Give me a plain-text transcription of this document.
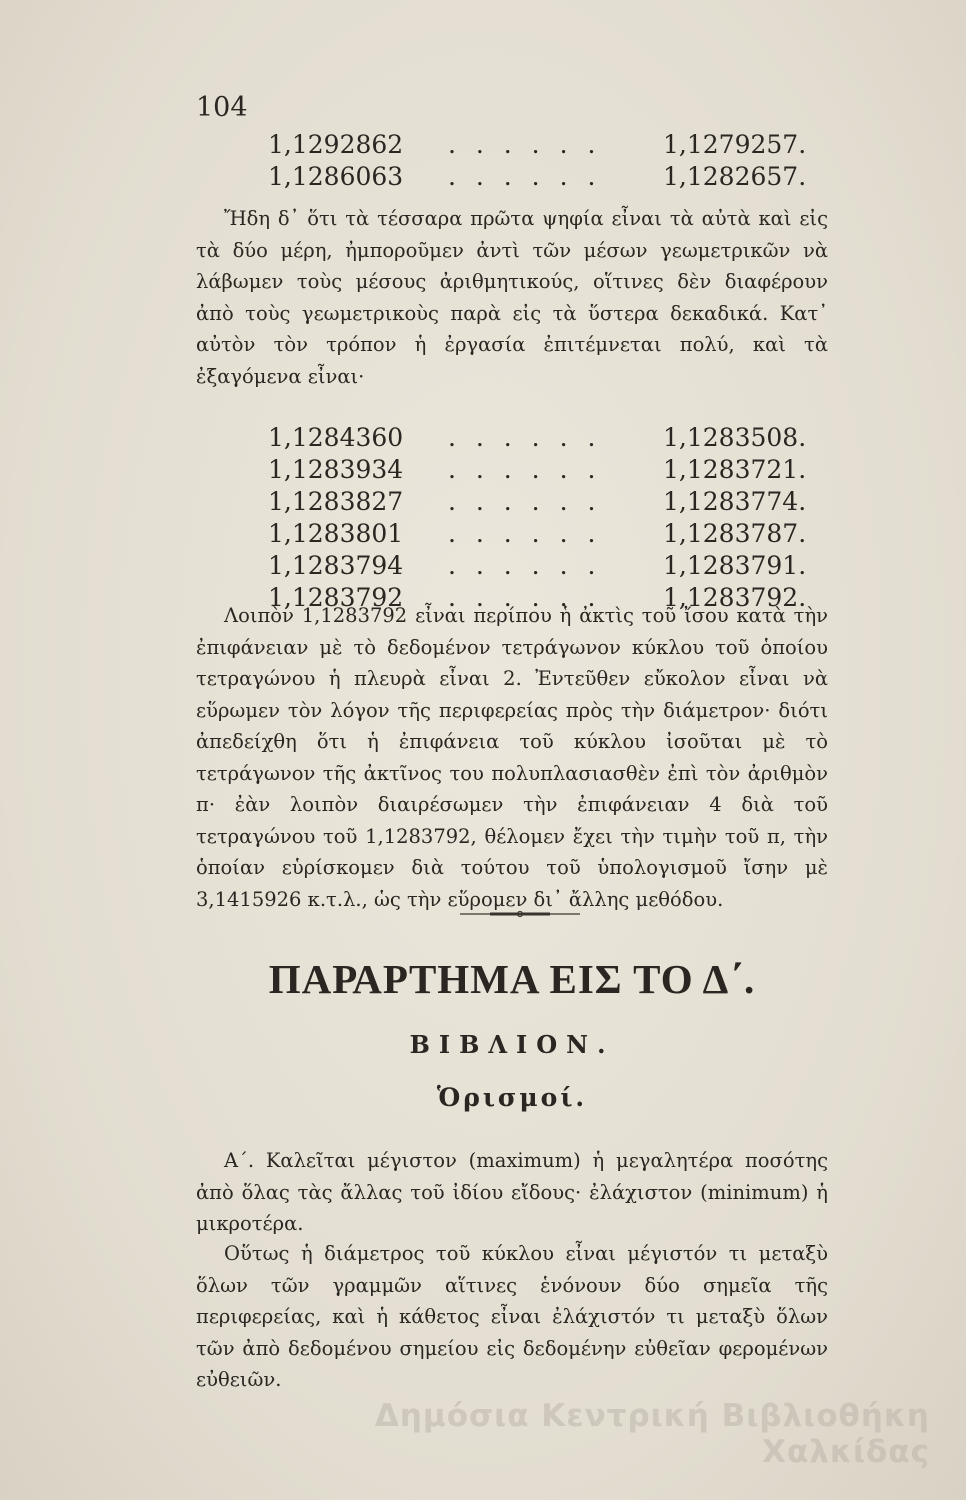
104
1,1292862 . . . . . . 1,1279257.
1,1286063 . . . . . . 1,1282657.

Ἤδη δ᾽ ὅτι τὰ τέσσαρα πρῶτα ψηφία εἶναι τὰ αὐτὰ καὶ εἰς τὰ δύο μέρη, ἠμποροῦμεν ἀντὶ τῶν μέσων γεωμετρικῶν νὰ λάβωμεν τοὺς μέσους ἀριθμητικούς, οἵτινες δὲν διαφέρουν ἀπὸ τοὺς γεωμετρικοὺς παρὰ εἰς τὰ ὕστερα δεκαδικά. Κατ᾽ αὐτὸν τὸν τρόπον ἡ ἐργασία ἐπιτέμνεται πολύ, καὶ τὰ ἐξαγόμενα εἶναι·

1,1284360 . . . . . . 1,1283508.
1,1283934 . . . . . . 1,1283721.
1,1283827 . . . . . . 1,1283774.
1,1283801 . . . . . . 1,1283787.
1,1283794 . . . . . . 1,1283791.
1,1283792 . . . . . . 1,1283792.

Λοιπὸν 1,1283792 εἶναι περίπου ἡ ἀκτὶς τοῦ ἴσου κατὰ τὴν ἐπιφάνειαν μὲ τὸ δεδομένον τετράγωνον κύκλου τοῦ ὁποίου τετραγώνου ἡ πλευρὰ εἶναι 2. Ἐντεῦθεν εὔκολον εἶναι νὰ εὕρωμεν τὸν λόγον τῆς περιφερείας πρὸς τὴν διάμετρον· διότι ἀπεδείχθη ὅτι ἡ ἐπιφάνεια τοῦ κύκλου ἰσοῦται μὲ τὸ τετράγωνον τῆς ἀκτῖνος του πολυπλασιασθὲν ἐπὶ τὸν ἀριθμὸν π· ἐὰν λοιπὸν διαιρέσωμεν τὴν ἐπιφάνειαν 4 διὰ τοῦ τετραγώνου τοῦ 1,1283792, θέλομεν ἔχει τὴν τιμὴν τοῦ π, τὴν ὁποίαν εὑρίσκομεν διὰ τούτου τοῦ ὑπολογισμοῦ ἴσην μὲ 3,1415926 κ.τ.λ., ὡς τὴν εὕρομεν δι᾽ ἄλλης μεθόδου.

ΠΑΡΑΡΤΗΜΑ ΕΙΣ ΤΟ Δ΄.
ΒΙΒΛΙΟΝ.
Ὁρισμοί.

Α΄. Καλεῖται μέγιστον (maximum) ἡ μεγαλητέρα ποσότης ἀπὸ ὅλας τὰς ἄλλας τοῦ ἰδίου εἴδους· ἐλάχιστον (minimum) ἡ μικροτέρα.

Οὕτως ἡ διάμετρος τοῦ κύκλου εἶναι μέγιστόν τι μεταξὺ ὅλων τῶν γραμμῶν αἵτινες ἑνόνουν δύο σημεῖα τῆς περιφερείας, καὶ ἡ κάθετος εἶναι ἐλάχιστόν τι μεταξὺ ὅλων τῶν ἀπὸ δεδομένου σημείου εἰς δεδομένην εὐθεῖαν φερομένων εὐθειῶν.

Δημόσια Κεντρική Βιβλιοθήκη Χαλκίδας
